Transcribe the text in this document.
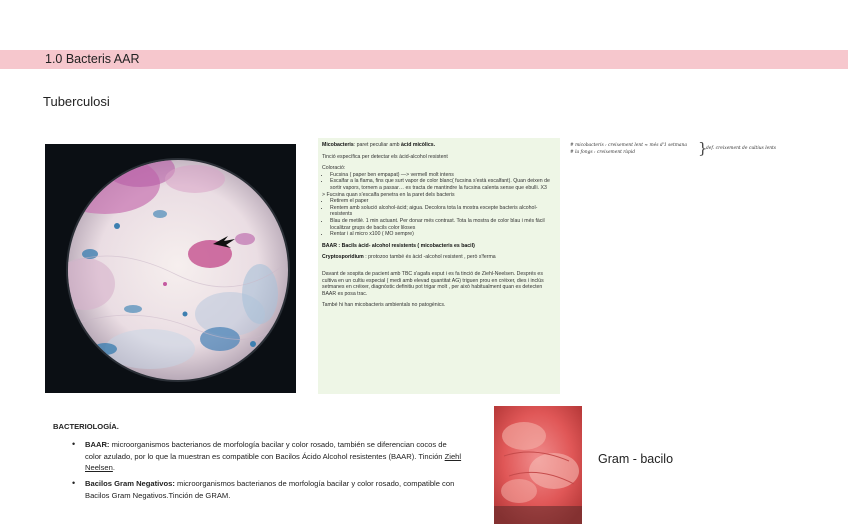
1.0 Bacteris AAR
Tuberculosi

Micobacteris: paret peculiar amb àcid micòlics.

Tinció específica per detectar els àcid-alcohol resistent

Coloració:

• Fucsina ( paper ben empapat) —> vermell molt intens
• Escalfar a la flama, fins que surt vapor de color blanc( fucsina s'està escalfant). Quan deixen de sortir vapors, tornem a passar… es tracta de mantindre la fucsina calenta sense que ebulli. X3

> Fucsina quan s'escalfa penetra en la paret dels bacteris

• Retirem el paper
• Rentem amb solució alcohol-àcid; aigua. Decolora tota la mostra excepte bacteris alcohol-resistents
• Blau de metilè. 1 min actuant. Per donar més contrast. Tota la mostra de color blau i més fàcil localitzar grups de bacils color liloses
• Rentar i al micro x100 ( MO sempre)

BAAR : Bacils àcid- alcohol resistents ( micobacteris es bacil)

Cryptosporidium : protozoo també és àcid -alcohol resistent , però s'ferma

Davant de sospita de pacient amb TBC s'agafa esput i es fa tinció de Ziehl-Neelsen. Després es cultiva en un cultiu especial ( medi amb elevad quantitat AG) triguen prou en créixer, dies i inclús setmanes en créixer, diagnòstic definitiu pot trigar molt , per això habitualment quan es detecten BAAR es posa trac.

També hi han micobacteris ambientals no patogènics.

# micobacteris : creixement lent ≈ més d'1 setmana
# la fongs : creixement ràpid	}
def. creixement de cultius lents
BACTERIOLOGÍA.
• BAAR: microorganismos bacterianos de morfología bacilar y color rosado, también se diferencian cocos de color azulado, por lo que la muestran es compatible con Bacilos Ácido Alcohol resistentes (BAAR). Tinción Ziehl Neelsen.
• Bacilos Gram Negativos: microorganismos bacterianos de morfología bacilar y color rosado, compatible con Bacilos Gram Negativos.Tinción de GRAM.
Gram - bacilo
